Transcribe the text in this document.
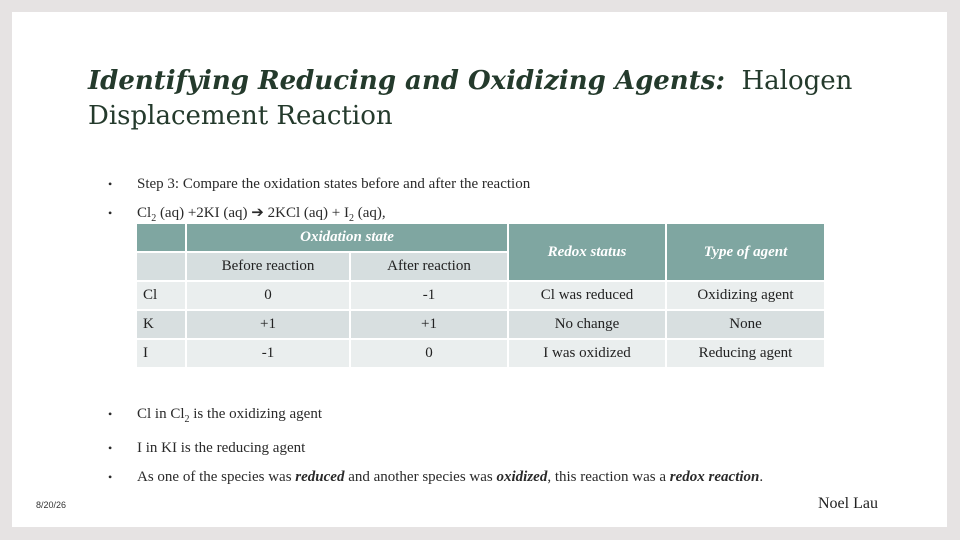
Identifying Reducing and Oxidizing Agents: Halogen Displacement Reaction
• Step 3: Compare the oxidation states before and after the reaction
• $Cl_2$ (aq) +2KI (aq) ➔ 2KCl $(aq) + I_2$ (aq),
	Oxidation state		Redox status	Type of agent
	Before reaction	After reaction		
Cl	0	-1	Cl was reduced	Oxidizing agent
K	+1	+1	No change	None
I	-1	0	I was oxidized	Reducing agent
• Cl in $Cl_2$ is the oxidizing agent
• I in KI is the reducing agent
• As one of the species was reduced and another species was oxidized, this reaction was a redox reaction.
8/20/26	Noel Lau
